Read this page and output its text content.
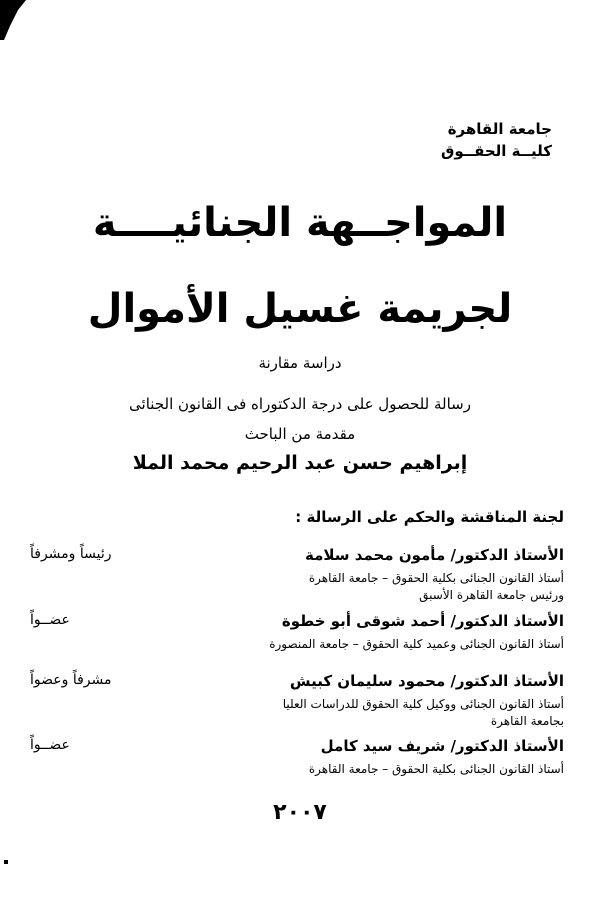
جامعة القاهرة
كليــة الحقــوق
المواجــهة الجنائيــــة
لجريمة غسيل الأموال
دراسة مقارنة
رسالة للحصول على درجة الدكتوراه فى القانون الجنائى
مقدمة من الباحث
إبراهيم حسن عبد الرحيم محمد الملا
لجنة المناقشة والحكم على الرسالة :
الأستاذ الدكتور/ مأمون محمد سلامة
رئيساً ومشرفاً
أستاذ القانون الجنائى بكلية الحقوق – جامعة القاهرة
ورئيس جامعة القاهرة الأسبق
الأستاذ الدكتور/ أحمد شوقى أبو خطوة
عضــواً
أستاذ القانون الجنائى وعميد كلية الحقوق – جامعة المنصورة
الأستاذ الدكتور/ محمود سليمان كبيش
مشرفاً وعضواً
أستاذ القانون الجنائى ووكيل كلية الحقوق للدراسات العليا
بجامعة القاهرة
الأستاذ الدكتور/ شريف سيد كامل
عضــواً
أستاذ القانون الجنائى بكلية الحقوق – جامعة القاهرة
٢٠٠٧
